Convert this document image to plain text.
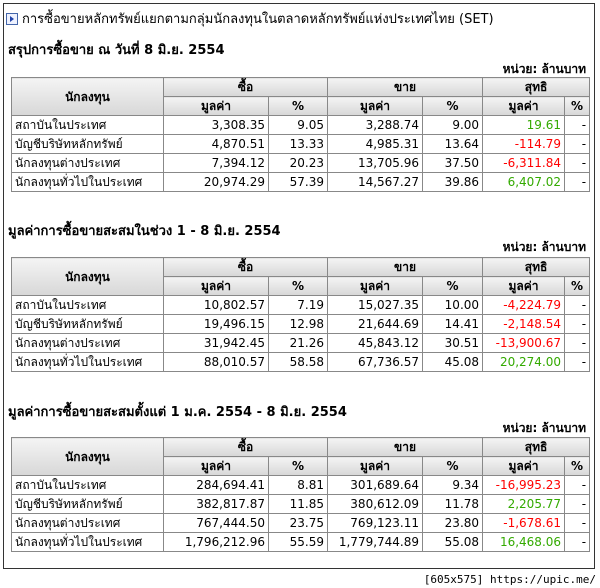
การซื้อขายหลักทรัพย์แยกตามกลุ่มนักลงทุนในตลาดหลักทรัพย์แห่งประเทศไทย (SET)
สรุปการซื้อขาย ณ วันที่ 8 มิ.ย. 2554
หน่วย: ล้านบาท
นักลงทุน	ซื้อ		ขาย		สุทธิ	
	มูลค่า	%	มูลค่า	%	มูลค่า	%
สถาบันในประเทศ	3,308.35	9.05	3,288.74	9.00	19.61	-
บัญชีบริษัทหลักทรัพย์	4,870.51	13.33	4,985.31	13.64	-114.79	-
นักลงทุนต่างประเทศ	7,394.12	20.23	13,705.96	37.50	-6,311.84	-
นักลงทุนทั่วไปในประเทศ	20,974.29	57.39	14,567.27	39.86	6,407.02	-
มูลค่าการซื้อขายสะสมในช่วง 1 - 8 มิ.ย. 2554
หน่วย: ล้านบาท
นักลงทุน	ซื้อ		ขาย		สุทธิ	
	มูลค่า	%	มูลค่า	%	มูลค่า	%
สถาบันในประเทศ	10,802.57	7.19	15,027.35	10.00	-4,224.79	-
บัญชีบริษัทหลักทรัพย์	19,496.15	12.98	21,644.69	14.41	-2,148.54	-
นักลงทุนต่างประเทศ	31,942.45	21.26	45,843.12	30.51	-13,900.67	-
นักลงทุนทั่วไปในประเทศ	88,010.57	58.58	67,736.57	45.08	20,274.00	-
มูลค่าการซื้อขายสะสมตั้งแต่ 1 ม.ค. 2554 - 8 มิ.ย. 2554
หน่วย: ล้านบาท
นักลงทุน	ซื้อ		ขาย		สุทธิ	
	มูลค่า	%	มูลค่า	%	มูลค่า	%
สถาบันในประเทศ	284,694.41	8.81	301,689.64	9.34	-16,995.23	-
บัญชีบริษัทหลักทรัพย์	382,817.87	11.85	380,612.09	11.78	2,205.77	-
นักลงทุนต่างประเทศ	767,444.50	23.75	769,123.11	23.80	-1,678.61	-
นักลงทุนทั่วไปในประเทศ	1,796,212.96	55.59	1,779,744.89	55.08	16,468.06	-
[605x575] https://upic.me/
